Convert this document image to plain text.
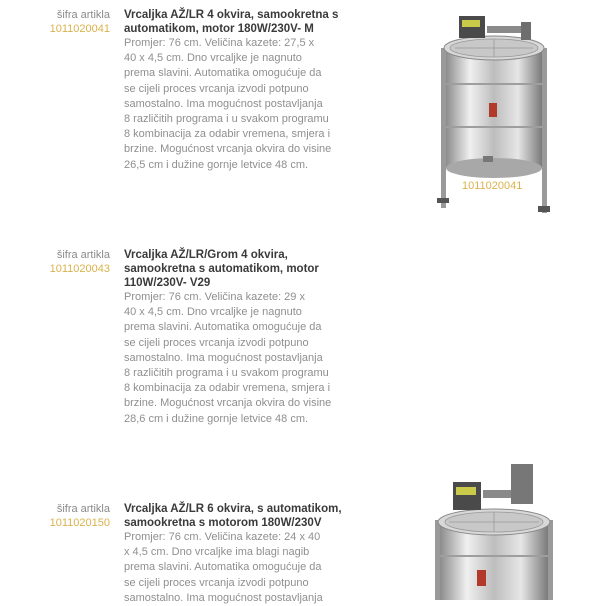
šifra artikla
1011020041

Vrcaljka AŽ/LR 4 okvira, samookretna s
automatikom, motor 180W/230V- M

Promjer: 76 cm. Veličina kazete: 27,5 x
40 x 4,5 cm. Dno vrcaljke je nagnuto
prema slavini. Automatika omogućuje da
se cijeli proces vrcanja izvodi potpuno
samostalno. Ima mogućnost postavljanja
8 različitih programa i u svakom programu
8 kombinacija za odabir vremena, smjera i
brzine. Mogućnost vrcanja okvira do visine
26,5 cm i dužine gornje letvice 48 cm.

1011020041
šifra artikla
1011020043

Vrcaljka AŽ/LR/Grom 4 okvira,
samookretna s automatikom, motor
110W/230V- V29

Promjer: 76 cm. Veličina kazete: 29 x
40 x 4,5 cm. Dno vrcaljke je nagnuto
prema slavini. Automatika omogućuje da
se cijeli proces vrcanja izvodi potpuno
samostalno. Ima mogućnost postavljanja
8 različitih programa i u svakom programu
8 kombinacija za odabir vremena, smjera i
brzine. Mogućnost vrcanja okvira do visine
28,6 cm i dužine gornje letvice 48 cm.

šifra artikla
1011020150

Vrcaljka AŽ/LR 6 okvira, s automatikom,
samookretna s motorom 180W/230V

Promjer: 76 cm. Veličina kazete: 24 x 40
x 4,5 cm. Dno vrcaljke ima blagi nagib
prema slavini. Automatika omogućuje da
se cijeli proces vrcanja izvodi potpuno
samostalno. Ima mogućnost postavljanja
